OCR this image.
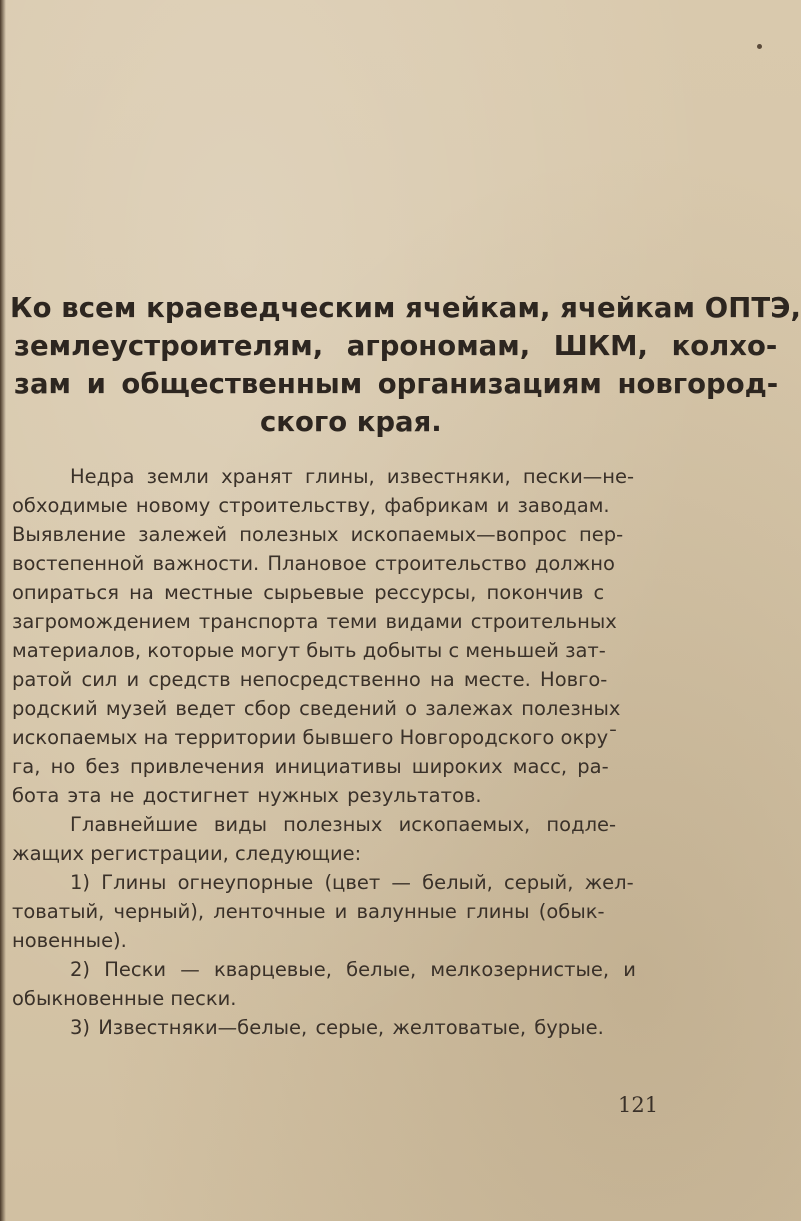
Ко всем краеведческим ячейкам, ячейкам ОПТЭ,
землеустроителям, агрономам, ШКМ, колхо-
зам и общественным организациям новгород-
ского края.
Недра земли хранят глины, известняки, пески—не-
обходимые новому строительству, фабрикам и заводам.
Выявление залежей полезных ископаемых—вопрос пер-
востепенной важности. Плановое строительство должно
опираться на местные сырьевые рессурсы, покончив с
загромождением транспорта теми видами строительных
материалов, которые могут быть добыты с меньшей зат-
ратой сил и средств непосредственно на месте. Новго-
родский музей ведет сбор сведений о залежах полезных
ископаемых на территории бывшего Новгородского окру¯
га, но без привлечения инициативы широких масс, ра-
бота эта не достигнет нужных результатов.
Главнейшие виды полезных ископаемых, подле-
жащих регистрации, следующие:
1) Глины огнеупорные (цвет — белый, серый, жел-
товатый, черный), ленточные и валунные глины (обык-
новенные).
2) Пески — кварцевые, белые, мелкозернистые, и
обыкновенные пески.
3) Известняки—белые, серые, желтоватые, бурые.
121
